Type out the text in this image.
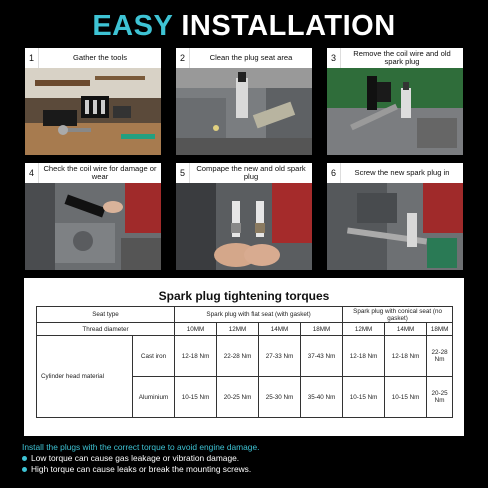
EASY INSTALLATION
1	Gather the tools	2	Clean the plug seat area	3	Remove the coil wire and old spark plug
4	Check the coil wire for damage or wear	5	Compape the new and old spark plug	6	Screw the new spark plug in
Spark plug tightening torques
Seat type		Spark plug with flat seat (with gasket)				Spark plug with conical seat (no gasket)		
Thread diameter		10MM	12MM	14MM	18MM	12MM	14MM	18MM
Cylinder head material	Cast iron	12-18 Nm	22-28 Nm	27-33 Nm	37-43 Nm	12-18 Nm	12-18 Nm	22-28 Nm
	Aluminium	10-15 Nm	20-25 Nm	25-30 Nm	35-40 Nm	10-15 Nm	10-15 Nm	20-25 Nm
Install the plugs with the correct torque to avoid engine damage.
Low torque can cause gas leakage or vibration damage.
High torque can cause leaks or break the mounting screws.
